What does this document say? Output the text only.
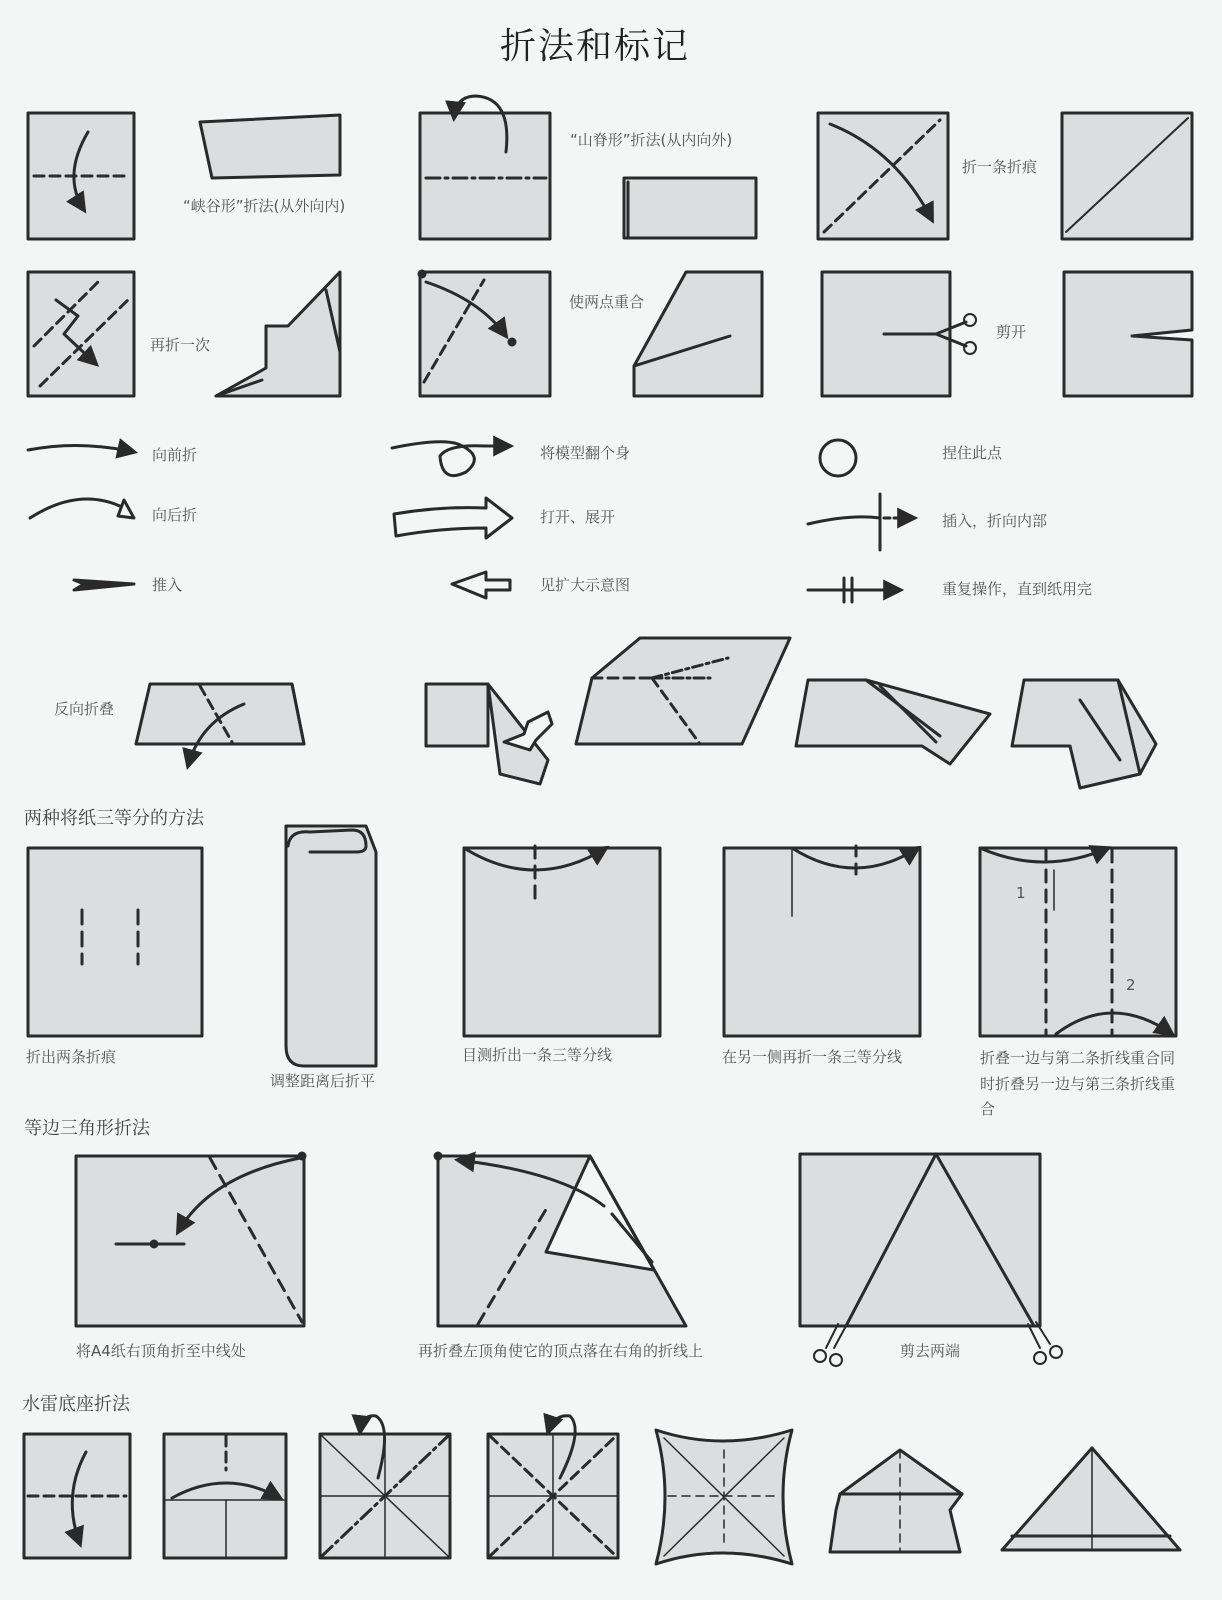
折法和标记
“峡谷形”折法(从外向内)
“山脊形”折法(从内向外)
折一条折痕
再折一次
使两点重合
剪开
向前折
向后折
推入
将模型翻个身
打开、展开
见扩大示意图
捏住此点
插入，折向内部
重复操作，直到纸用完
反向折叠
两种将纸三等分的方法
折出两条折痕
调整距离后折平
目测折出一条三等分线	在另一侧再折一条三等分线	折叠一边与第二条折线重合同时折叠另一边与第三条折线重合
1
2
等边三角形折法
将A4纸右顶角折至中线处	再折叠左顶角使它的顶点落在右角的折线上	剪去两端
水雷底座折法
